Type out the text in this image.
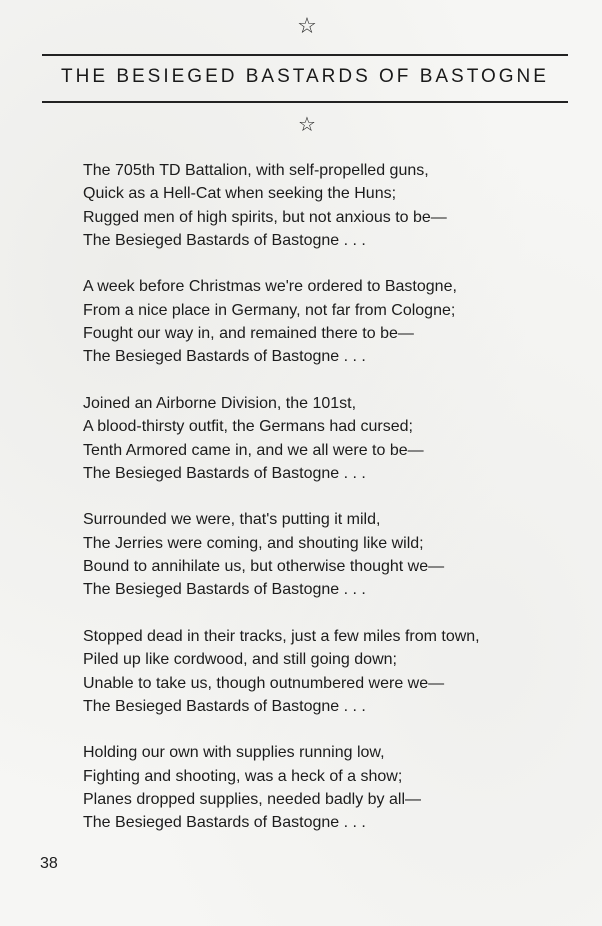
☆
THE BESIEGED BASTARDS OF BASTOGNE
☆
The 705th TD Battalion, with self-propelled guns,
Quick as a Hell-Cat when seeking the Huns;
Rugged men of high spirits, but not anxious to be—
The Besieged Bastards of Bastogne . . .
A week before Christmas we're ordered to Bastogne,
From a nice place in Germany, not far from Cologne;
Fought our way in, and remained there to be—
The Besieged Bastards of Bastogne . . .
Joined an Airborne Division, the 101st,
A blood-thirsty outfit, the Germans had cursed;
Tenth Armored came in, and we all were to be—
The Besieged Bastards of Bastogne . . .
Surrounded we were, that's putting it mild,
The Jerries were coming, and shouting like wild;
Bound to annihilate us, but otherwise thought we—
The Besieged Bastards of Bastogne . . .
Stopped dead in their tracks, just a few miles from town,
Piled up like cordwood, and still going down;
Unable to take us, though outnumbered were we—
The Besieged Bastards of Bastogne . . .
Holding our own with supplies running low,
Fighting and shooting, was a heck of a show;
Planes dropped supplies, needed badly by all—
The Besieged Bastards of Bastogne . . .
38
